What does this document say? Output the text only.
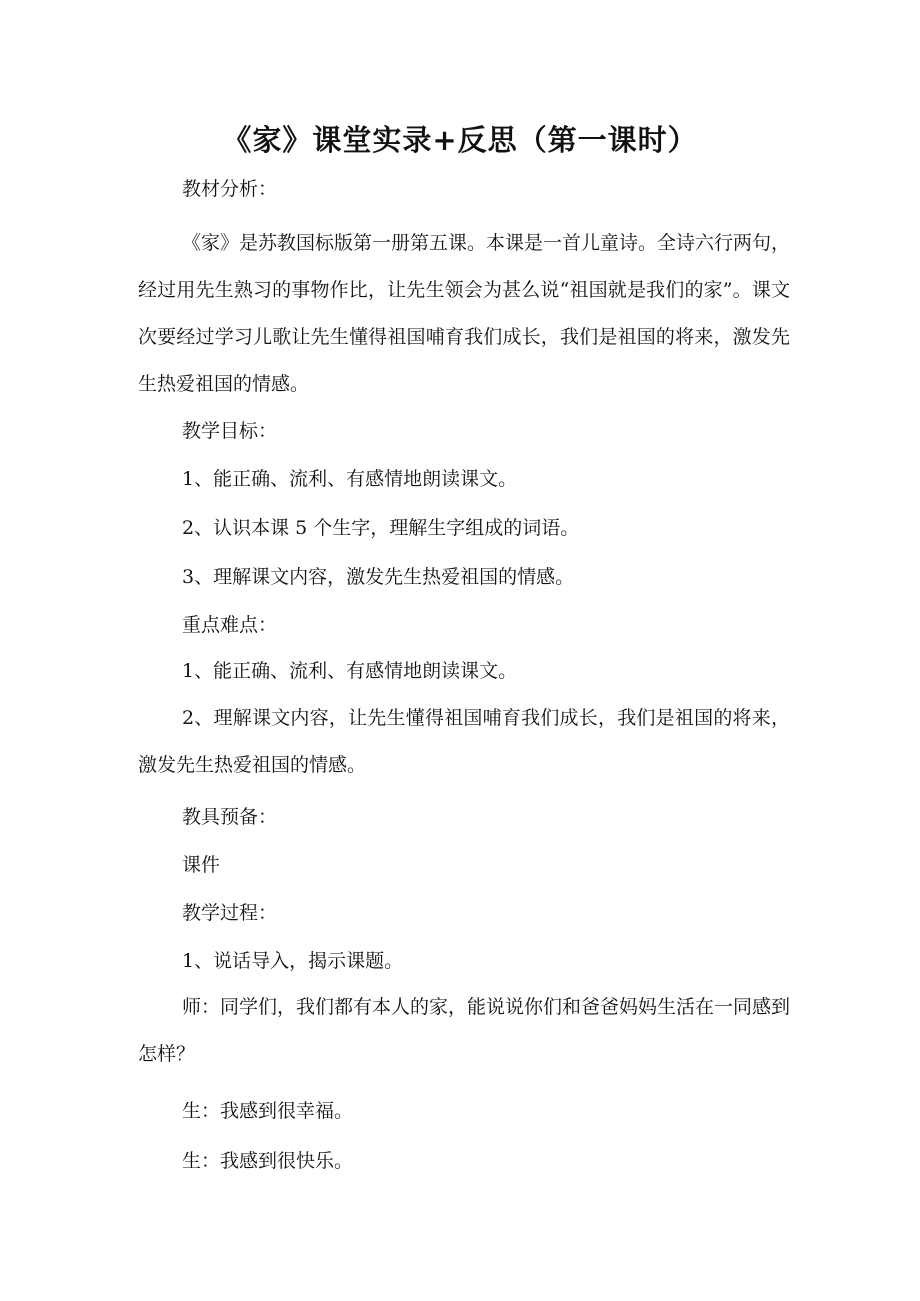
《家》课堂实录+反思（第一课时）

教材分析：

《家》是苏教国标版第一册第五课。本课是一首儿童诗。全诗六行两句，经过用先生熟习的事物作比，让先生领会为甚么说“祖国就是我们的家”。课文次要经过学习儿歌让先生懂得祖国哺育我们成长，我们是祖国的将来，激发先生热爱祖国的情感。

教学目标：

1、能正确、流利、有感情地朗读课文。

2、认识本课 5 个生字，理解生字组成的词语。

3、理解课文内容，激发先生热爱祖国的情感。

重点难点：

1、能正确、流利、有感情地朗读课文。

2、理解课文内容，让先生懂得祖国哺育我们成长，我们是祖国的将来，激发先生热爱祖国的情感。

教具预备：

课件

教学过程：

1、说话导入，揭示课题。

师：同学们，我们都有本人的家，能说说你们和爸爸妈妈生活在一同感到怎样？

生：我感到很幸福。

生：我感到很快乐。
